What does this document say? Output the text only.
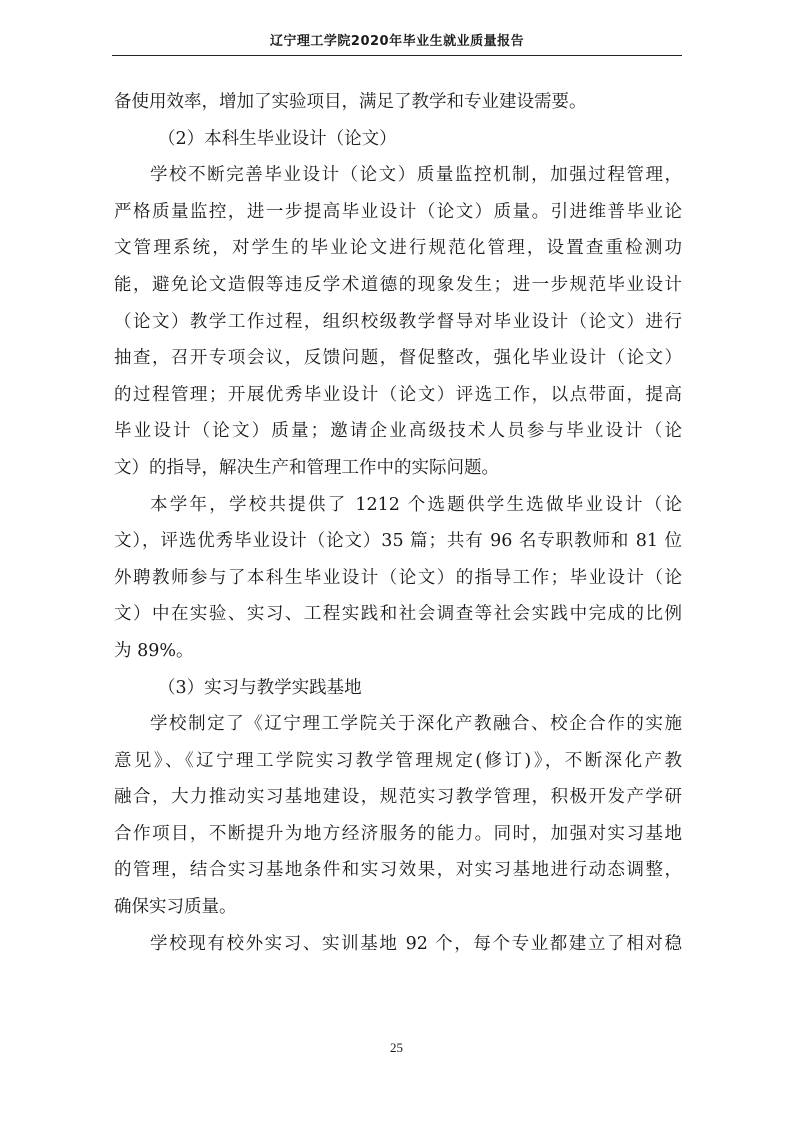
辽宁理工学院2020年毕业生就业质量报告
备使用效率，增加了实验项目，满足了教学和专业建设需要。
（2）本科生毕业设计（论文）
学校不断完善毕业设计（论文）质量监控机制，加强过程管理，
严格质量监控，进一步提高毕业设计（论文）质量。引进维普毕业论
文管理系统，对学生的毕业论文进行规范化管理，设置查重检测功
能，避免论文造假等违反学术道德的现象发生；进一步规范毕业设计
（论文）教学工作过程，组织校级教学督导对毕业设计（论文）进行
抽查，召开专项会议，反馈问题，督促整改，强化毕业设计（论文）
的过程管理；开展优秀毕业设计（论文）评选工作，以点带面，提高
毕业设计（论文）质量；邀请企业高级技术人员参与毕业设计（论
文）的指导，解决生产和管理工作中的实际问题。
本学年，学校共提供了 1212 个选题供学生选做毕业设计（论
文），评选优秀毕业设计（论文）35 篇；共有 96 名专职教师和 81 位
外聘教师参与了本科生毕业设计（论文）的指导工作；毕业设计（论
文）中在实验、实习、工程实践和社会调查等社会实践中完成的比例
为 89%。
（3）实习与教学实践基地
学校制定了《辽宁理工学院关于深化产教融合、校企合作的实施
意见》、《辽宁理工学院实习教学管理规定(修订)》，不断深化产教
融合，大力推动实习基地建设，规范实习教学管理，积极开发产学研
合作项目，不断提升为地方经济服务的能力。同时，加强对实习基地
的管理，结合实习基地条件和实习效果，对实习基地进行动态调整，
确保实习质量。
学校现有校外实习、实训基地 92 个，每个专业都建立了相对稳
25
